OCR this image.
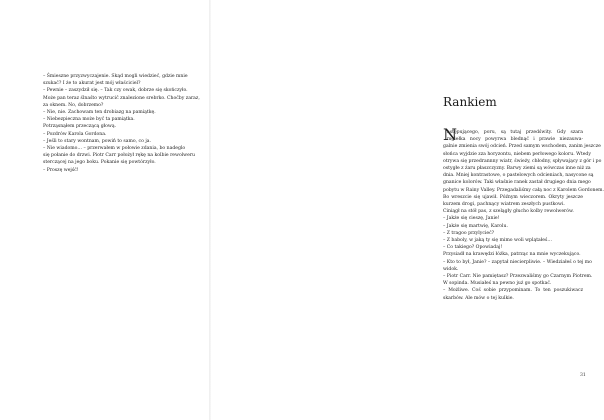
– Śmieszne przyzwyczajenie. Skąd mogli wiedzieć, gdzie mnie
szukać? I że to akurat jest mój właściciel?
– Pewnie – zaszydził się. – Tak czy owak, dobrze się skończyło.
Może pan teraz ślnaśto wytrucić znalezione srebrko. Choćby zaraz,
za oknem. No, dobrzemo?
– Nie, nie. Zachowam ten drobiazg na pamiątkę.
– Niebezpieczna może być ta pamiątka.
Potrząsnąłem przeczącą głową.
– Pozdrów Karola Gordona.
– Jeśli to stary wontnam, powiń to samo, co ja.
– Nie wiadomo… – przerwałem w połowie zdania, bo nadeglo
się połanie do drzwi. Piotr Carr położył rękę na kolbie rewolweru
sterczącej na jego boku. Pokanie się powtórzyło.
– Proszę wejść!
Rankiem
N
astępującego, poru, są tutaj przedświty. Gdy szara
mgiełka nocy powyrwa blednąć i prawie niezauwa-
galnie zmienia swój odcień. Przed samym wschodem, zanim jeszcze
słońca wyjdzie zza horyzontu, niebem perłowego koloru. Wtedy
otrywa się przedrannny wiatr, świeży, chłodny, spływający z gór i po
ostygłe z żaru płaszczyzny. Barwy ziemi są wówczas inne niż za
dnia. Mniej kontrastowe, o pastelowych odcieniach, nasycone są
gnanice kolorów. Taki właśnie ranek zastał drugiego dnia mego
pobytu w Rainy Valley. Przegadaliśmy całą noc z Karolem Gordonem.
Bo wreszcie się ujawił. Późnym wieczorem. Okryty jeszcze
kurzem drogi, pachnący wiatrem zeszłych pustkowi.
Ciniągł na stół pas, z szelągły głucho kolby rewolwerów.
– Jakże się cieszę, Janie!
– Jakże się martwię, Karolu.
– Z tragoo przylycieć?
– Z baboly, w jaką ty się mimo woli wplątałeś…
– Co takiego? Opowiadaj!
Przysiadł na krawędzi łóżka, patrząc na mnie wyczekująco.
– Kto to był, Janie? – zapytał niecierpliwie. – Wiedziałeś o tej mo
widok.
– Piotr Carr. Nie pamiętasz? Przezwaliśmy go Czarnym Piotrem.
W sopinda. Musiałeś na pewno już go spotkać.
– Możliwe. Coś sobie przypominam. To ten poszukiwacz
skarbów. Ale mów o tej kulkie.
31
